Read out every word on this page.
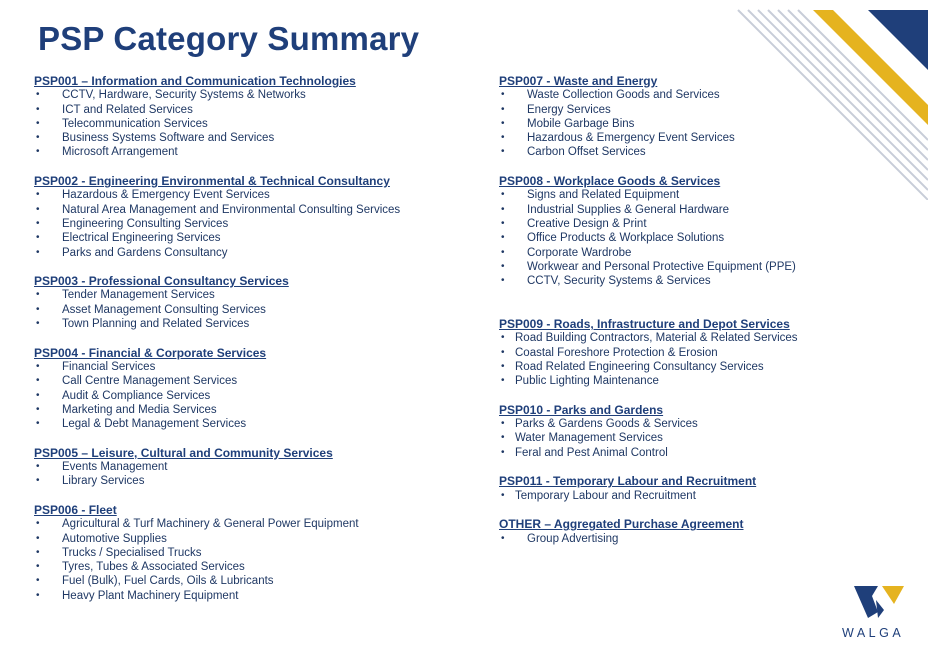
PSP Category Summary
PSP001 – Information and Communication Technologies
• CCTV, Hardware, Security Systems & Networks
• ICT and Related Services
• Telecommunication Services
• Business Systems Software and Services
• Microsoft Arrangement
PSP002 - Engineering Environmental & Technical Consultancy
• Hazardous & Emergency Event Services
• Natural Area Management and Environmental Consulting Services
• Engineering Consulting Services
• Electrical Engineering Services
• Parks and Gardens Consultancy
PSP003 - Professional Consultancy Services
• Tender Management Services
• Asset Management Consulting Services
• Town Planning and Related Services
PSP004 - Financial & Corporate Services
• Financial Services
• Call Centre Management Services
• Audit & Compliance Services
• Marketing and Media Services
• Legal & Debt Management Services
PSP005 – Leisure, Cultural and Community Services
• Events Management
• Library Services
PSP006 - Fleet
• Agricultural & Turf Machinery & General Power Equipment
• Automotive Supplies
• Trucks / Specialised Trucks
• Tyres, Tubes & Associated Services
• Fuel (Bulk), Fuel Cards, Oils & Lubricants
• Heavy Plant Machinery Equipment
PSP007 - Waste and Energy
• Waste Collection Goods and Services
• Energy Services
• Mobile Garbage Bins
• Hazardous & Emergency Event Services
• Carbon Offset Services
PSP008 - Workplace Goods & Services
• Signs and Related Equipment
• Industrial Supplies & General Hardware
• Creative Design & Print
• Office Products & Workplace Solutions
• Corporate Wardrobe
• Workwear and Personal Protective Equipment (PPE)
• CCTV, Security Systems & Services
PSP009 - Roads, Infrastructure and Depot Services
• Road Building Contractors, Material & Related Services
• Coastal Foreshore Protection & Erosion
• Road Related Engineering Consultancy Services
• Public Lighting Maintenance
PSP010 - Parks and Gardens
• Parks & Gardens Goods & Services
• Water Management Services
• Feral and Pest Animal Control
PSP011 - Temporary Labour and Recruitment
• Temporary Labour and Recruitment
OTHER – Aggregated Purchase Agreement
• Group Advertising
WALGA
